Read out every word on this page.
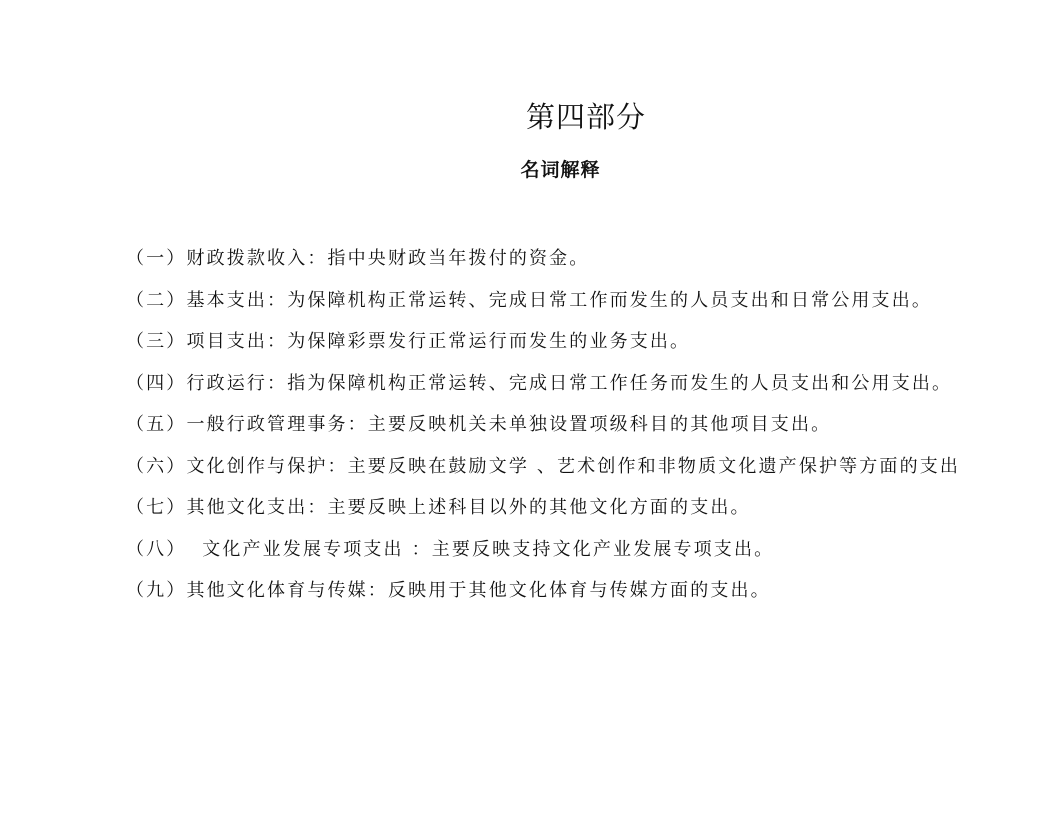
第四部分
名词解释

（一）财政拨款收入：指中央财政当年拨付的资金。

（二）基本支出：为保障机构正常运转、完成日常工作而发生的人员支出和日常公用支出。

（三）项目支出：为保障彩票发行正常运行而发生的业务支出。

（四）行政运行：指为保障机构正常运转、完成日常工作任务而发生的人员支出和公用支出。

（五）一般行政管理事务：主要反映机关未单独设置项级科目的其他项目支出。

（六）文化创作与保护：主要反映在鼓励文学 、艺术创作和非物质文化遗产保护等方面的支出

（七）其他文化支出：主要反映上述科目以外的其他文化方面的支出。

（八）  文化产业发展专项支出 ：主要反映支持文化产业发展专项支出。

（九）其他文化体育与传媒：反映用于其他文化体育与传媒方面的支出。
